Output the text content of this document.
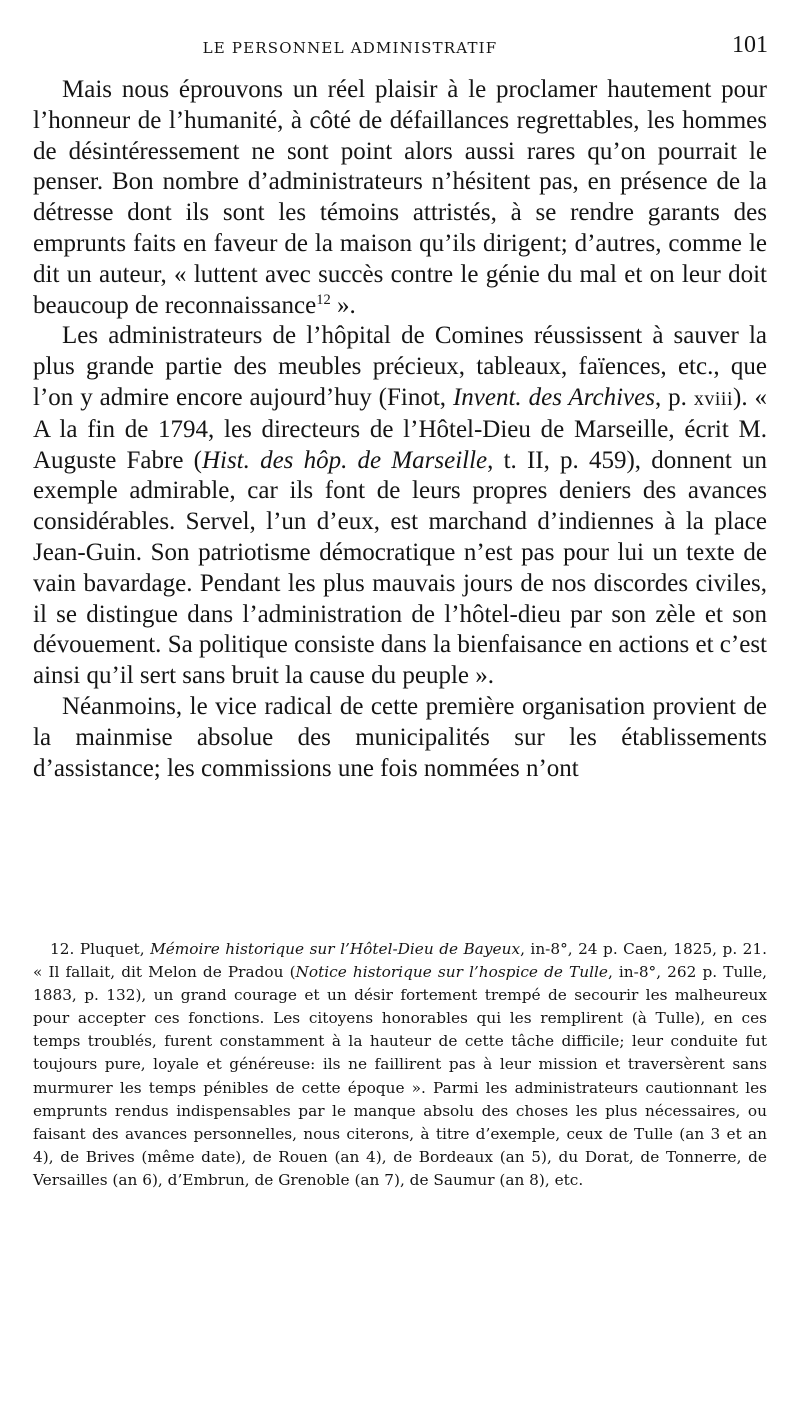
LE PERSONNEL ADMINISTRATIF	101

Mais nous éprouvons un réel plaisir à le proclamer hautement pour l’honneur de l’humanité, à côté de défaillances regrettables, les hommes de désintéressement ne sont point alors aussi rares qu’on pourrait le penser. Bon nombre d’administrateurs n’hésitent pas, en présence de la détresse dont ils sont les témoins attristés, à se rendre garants des emprunts faits en faveur de la maison qu’ils dirigent; d’autres, comme le dit un auteur, « luttent avec succès contre le génie du mal et on leur doit beaucoup de reconnaissance$^{12}$ ».

Les administrateurs de l’hôpital de Comines réussissent à sauver la plus grande partie des meubles précieux, tableaux, faïences, etc., que l’on y admire encore aujourd’huy (Finot, Invent. des Archives, p. xviii). « A la fin de 1794, les directeurs de l’Hôtel-Dieu de Marseille, écrit M. Auguste Fabre (Hist. des hôp. de Marseille, t. II, p. 459), donnent un exemple admirable, car ils font de leurs propres deniers des avances considérables. Servel, l’un d’eux, est marchand d’indiennes à la place Jean-Guin. Son patriotisme démocratique n’est pas pour lui un texte de vain bavardage. Pendant les plus mauvais jours de nos discordes civiles, il se distingue dans l’administration de l’hôtel-dieu par son zèle et son dévouement. Sa politique consiste dans la bienfaisance en actions et c’est ainsi qu’il sert sans bruit la cause du peuple ».

Néanmoins, le vice radical de cette première organisation provient de la mainmise absolue des municipalités sur les établissements d’assistance; les commissions une fois nommées n’ont

12. Pluquet, Mémoire historique sur l’Hôtel-Dieu de Bayeux, in-8°, 24 p. Caen, 1825, p. 21. « Il fallait, dit Melon de Pradou (Notice historique sur l’hospice de Tulle, in-8°, 262 p. Tulle, 1883, p. 132), un grand courage et un désir fortement trempé de secourir les malheureux pour accepter ces fonctions. Les citoyens honorables qui les remplirent (à Tulle), en ces temps troublés, furent constamment à la hauteur de cette tâche difficile; leur conduite fut toujours pure, loyale et généreuse: ils ne faillirent pas à leur mission et traversèrent sans murmurer les temps pénibles de cette époque ». Parmi les administrateurs cautionnant les emprunts rendus indispensables par le manque absolu des choses les plus nécessaires, ou faisant des avances personnelles, nous citerons, à titre d’exemple, ceux de Tulle (an 3 et an 4), de Brives (même date), de Rouen (an 4), de Bordeaux (an 5), du Dorat, de Tonnerre, de Versailles (an 6), d’Embrun, de Grenoble (an 7), de Saumur (an 8), etc.
